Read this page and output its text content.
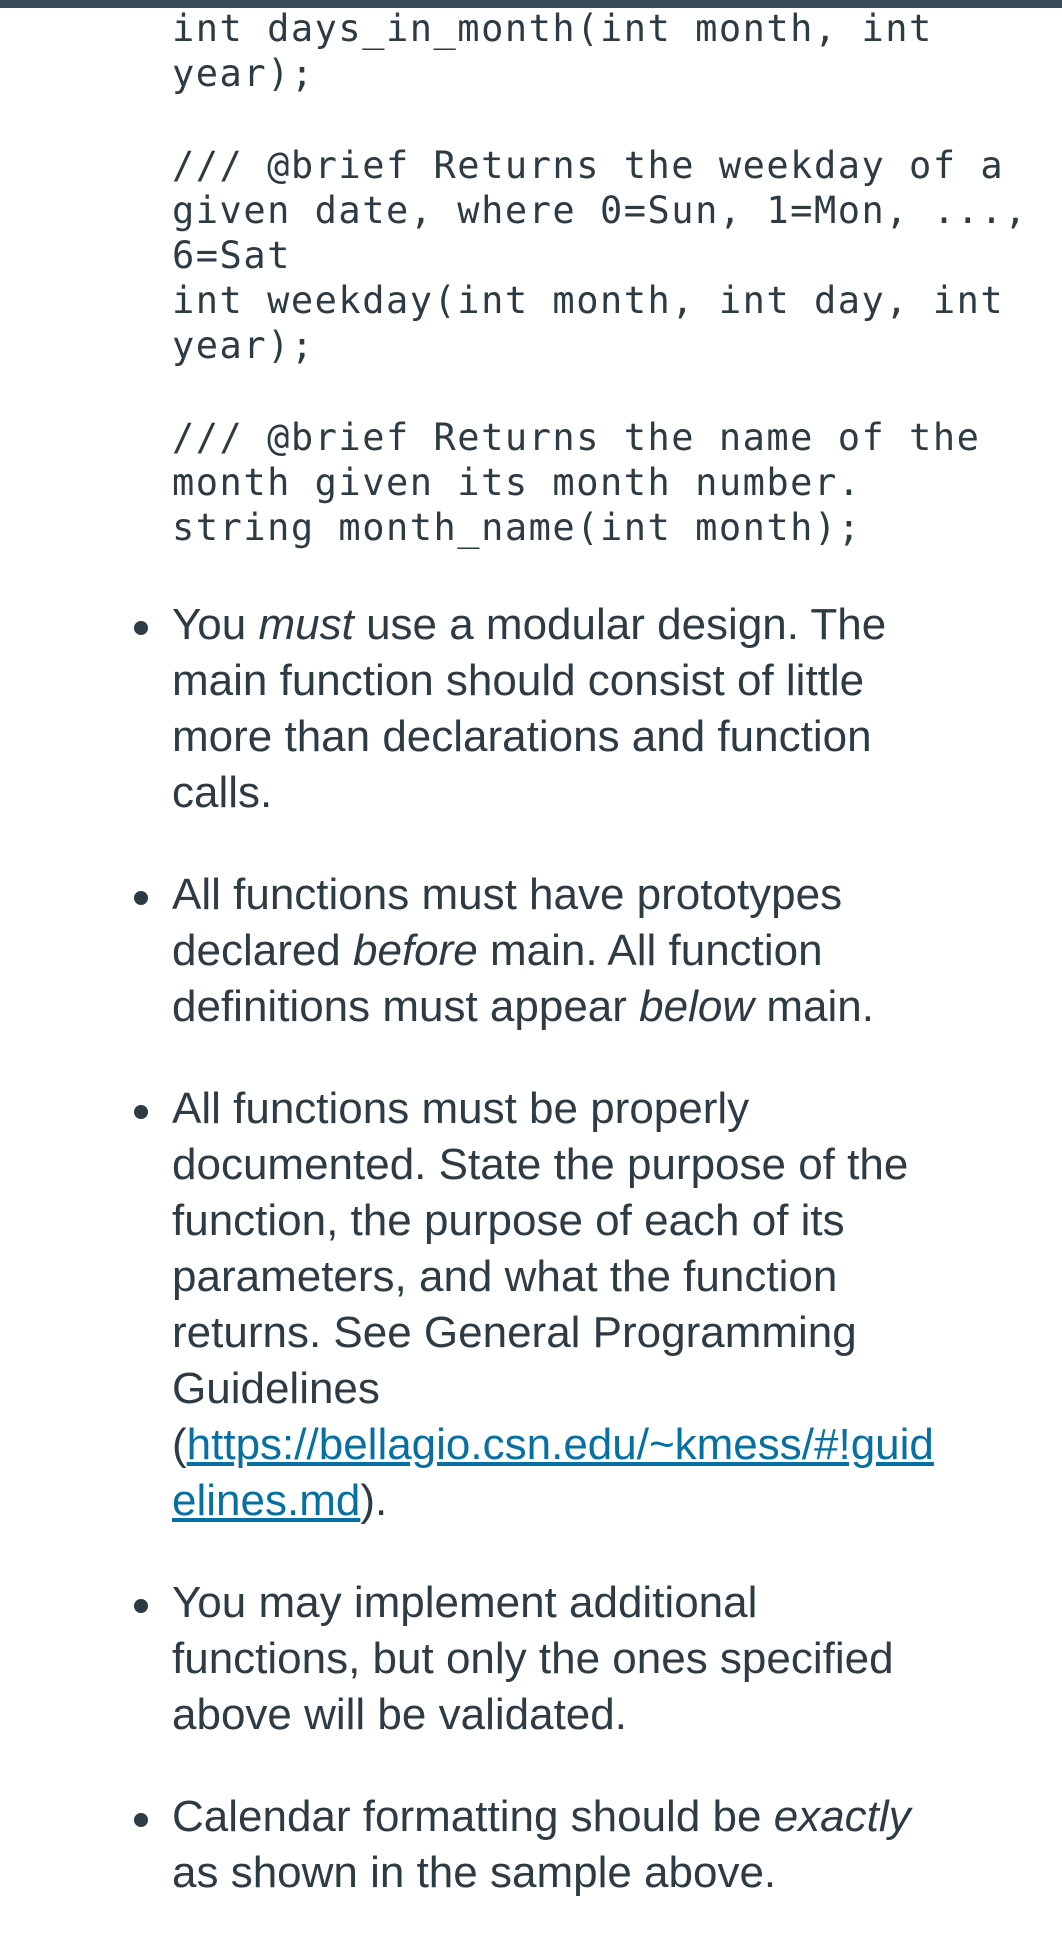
int days_in_month(int month, int
year);
/// @brief Returns the weekday of a
given date, where 0=Sun, 1=Mon, ...,
6=Sat
int weekday(int month, int day, int
year);
/// @brief Returns the name of the
month given its month number.
string month_name(int month);
You must use a modular design. The
main function should consist of little
more than declarations and function
calls.
All functions must have prototypes
declared before main. All function
definitions must appear below main.
All functions must be properly
documented. State the purpose of the
function, the purpose of each of its
parameters, and what the function
returns. See General Programming
Guidelines
(https://bellagio.csn.edu/~kmess/#!guid
elines.md).
You may implement additional
functions, but only the ones specified
above will be validated.
Calendar formatting should be exactly
as shown in the sample above.
